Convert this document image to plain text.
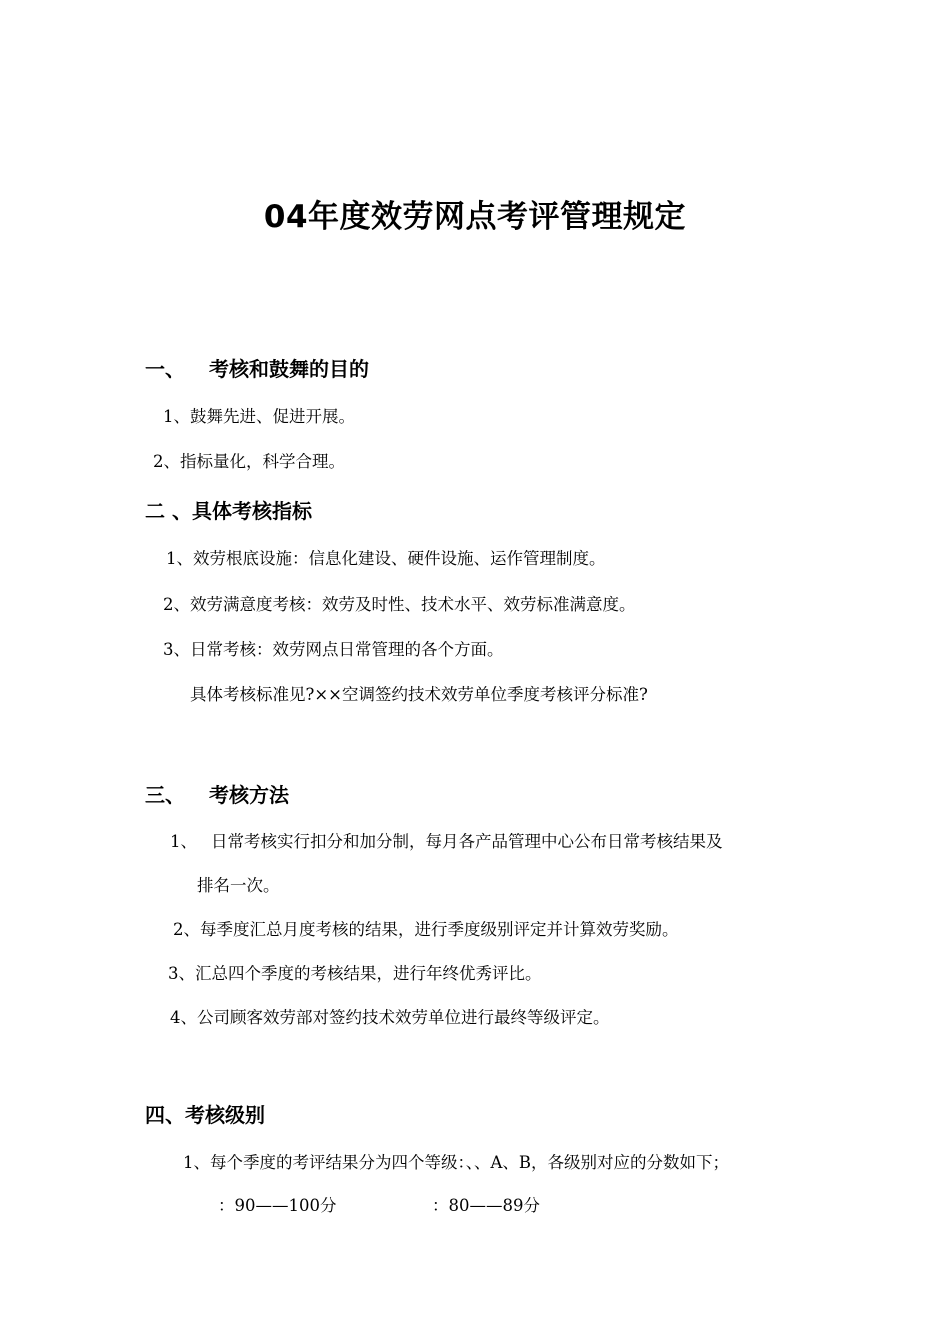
04年度效劳网点考评管理规定
一、 考核和鼓舞的目的
1、鼓舞先进、促进开展。
2、指标量化，科学合理。
二 、具体考核指标
1、效劳根底设施：信息化建设、硬件设施、运作管理制度。
2、效劳满意度考核：效劳及时性、技术水平、效劳标准满意度。
3、日常考核：效劳网点日常管理的各个方面。
具体考核标准见?××空调签约技术效劳单位季度考核评分标准?
三、 考核方法
1、 日常考核实行扣分和加分制，每月各产品管理中心公布日常考核结果及
排名一次。
2、每季度汇总月度考核的结果，进行季度级别评定并计算效劳奖励。
3、汇总四个季度的考核结果，进行年终优秀评比。
4、公司顾客效劳部对签约技术效劳单位进行最终等级评定。
四、考核级别
1、每个季度的考评结果分为四个等级：、、A、B，各级别对应的分数如下；
：90——100分	：80——89分
